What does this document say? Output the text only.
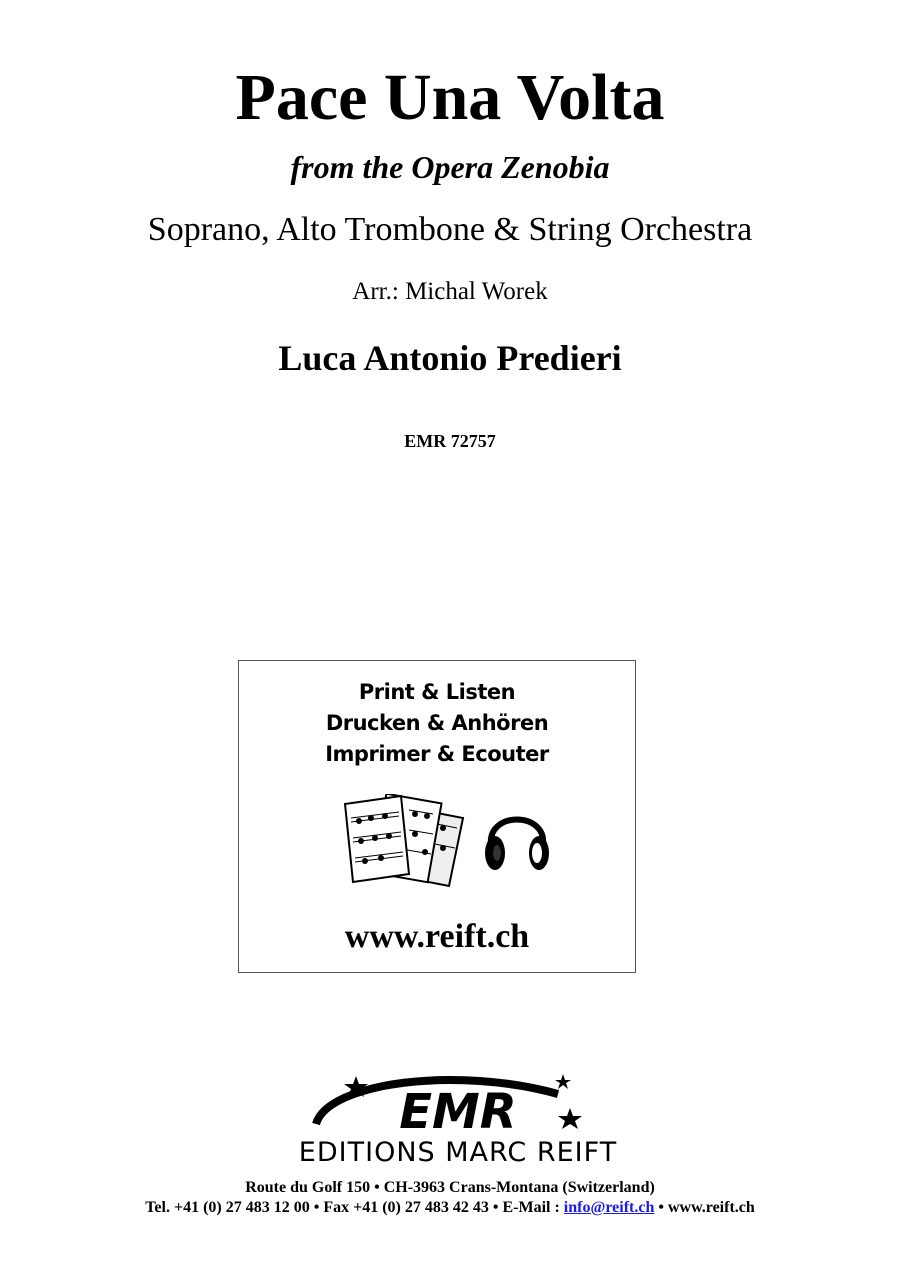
Pace Una Volta
from the Opera Zenobia
Soprano, Alto Trombone & String Orchestra
Arr.: Michal Worek
Luca Antonio Predieri
EMR 72757
Print & Listen
Drucken & Anhören
Imprimer & Ecouter
www.reift.ch
EMR
EDITIONS MARC REIFT
Route du Golf 150 • CH-3963 Crans-Montana (Switzerland)
Tel. +41 (0) 27 483 12 00 • Fax +41 (0) 27 483 42 43 • E-Mail : info@reift.ch • www.reift.ch
